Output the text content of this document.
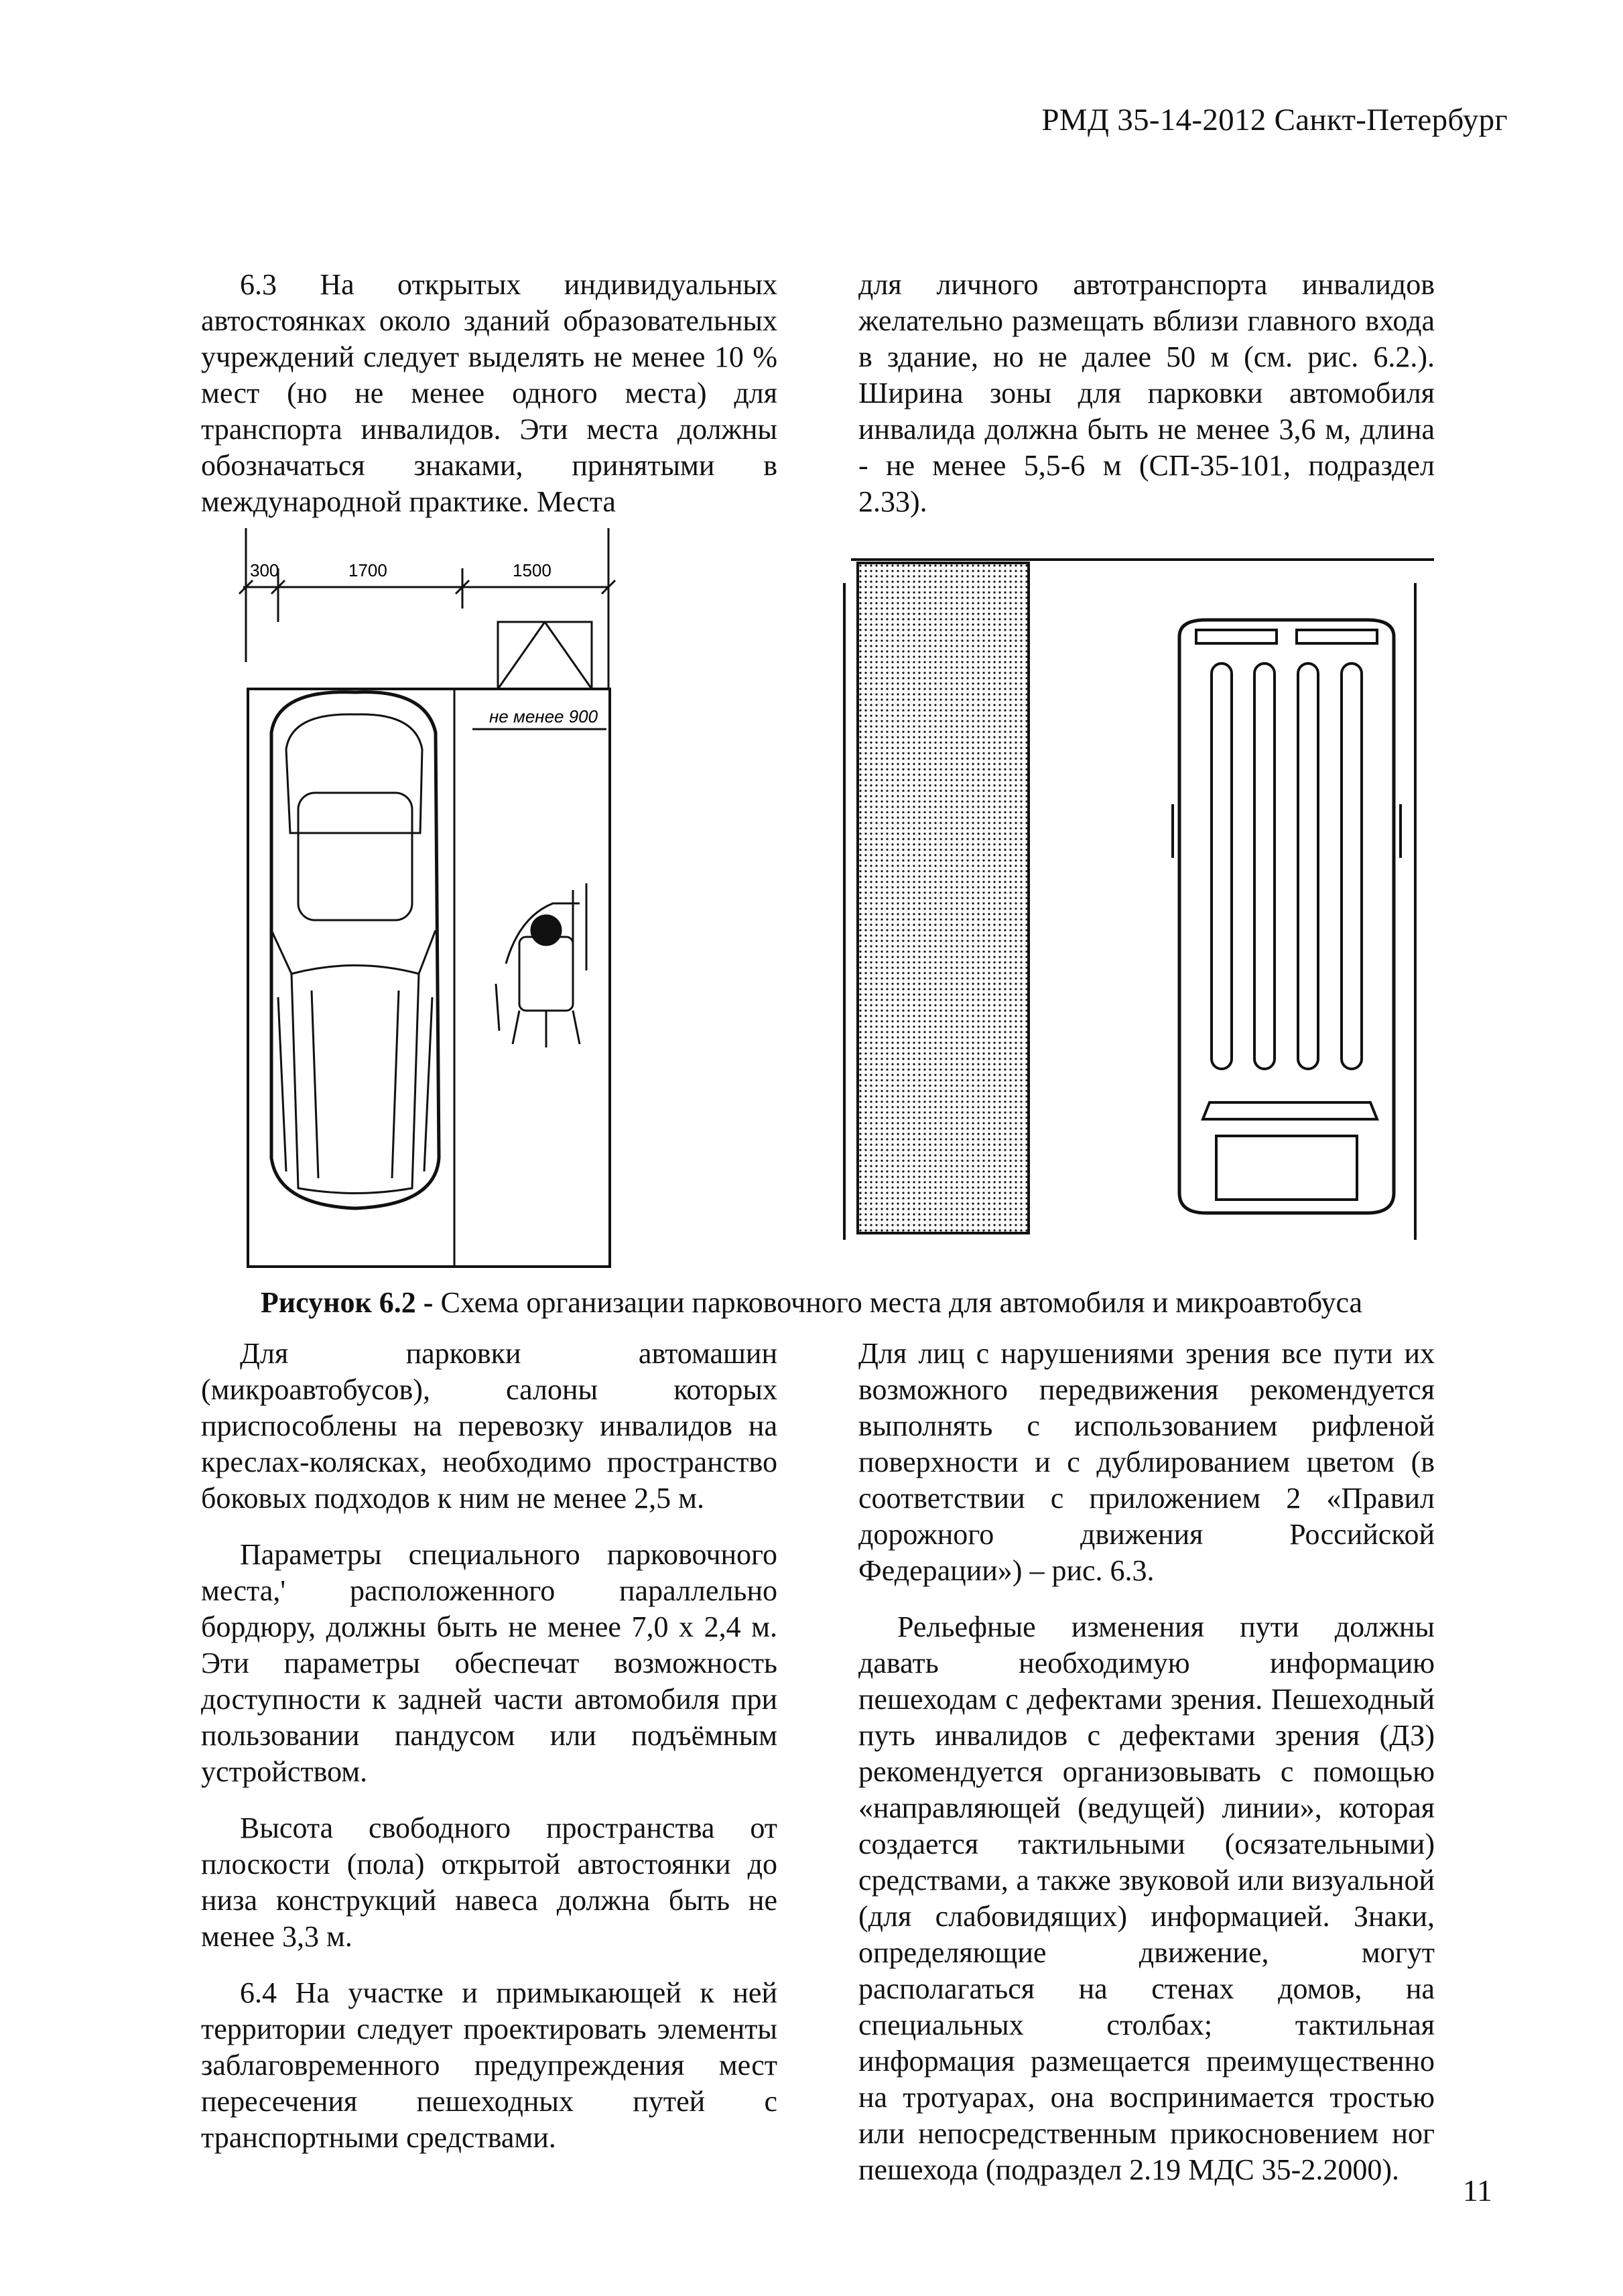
РМД 35-14-2012 Санкт-Петербург

6.3 На открытых индивидуальных автостоянках около зданий образовательных учреждений следует выделять не менее 10 % мест (но не менее одного места) для транспорта инвалидов. Эти места должны обозначаться знаками, принятыми в международной практике. Места

для личного автотранспорта инвалидов желательно размещать вблизи главного входа в здание, но не далее 50 м (см. рис. 6.2.). Ширина зоны для парковки автомобиля инвалида должна быть не менее 3,6 м, длина - не менее 5,5-6 м (СП-35-101, подраздел 2.33).

300	1700	1500
не менее 900
Рисунок 6.2 - Схема организации парковочного места для автомобиля и микроавтобуса

Для парковки автомашин (микроавтобусов), салоны которых приспособлены на перевозку инвалидов на креслах-колясках, необходимо пространство боковых подходов к ним не менее 2,5 м.

Параметры специального парковочного места,' расположенного параллельно бордюру, должны быть не менее 7,0 х 2,4 м. Эти параметры обеспечат возможность доступности к задней части автомобиля при пользовании пандусом или подъёмным устройством.

Высота свободного пространства от плоскости (пола) открытой автостоянки до низа конструкций навеса должна быть не менее 3,3 м.

6.4 На участке и примыкающей к ней территории следует проектировать элементы заблаговременного предупреждения мест пересечения пешеходных путей с транспортными средствами.

Для лиц с нарушениями зрения все пути их возможного передвижения рекомендуется выполнять с использованием рифленой поверхности и с дублированием цветом (в соответствии с приложением 2 «Правил дорожного движения Российской Федерации») – рис. 6.3.

Рельефные изменения пути должны давать необходимую информацию пешеходам с дефектами зрения. Пешеходный путь инвалидов с дефектами зрения (ДЗ) рекомендуется организовывать с помощью «направляющей (ведущей) линии», которая создается тактильными (осязательными) средствами, а также звуковой или визуальной (для слабовидящих) информацией. Знаки, определяющие движение, могут располагаться на стенах домов, на специальных столбах; тактильная информация размещается преимущественно на тротуарах, она воспринимается тростью или непосредственным прикосновением ног пешехода (подраздел 2.19 МДС 35-2.2000).

11
